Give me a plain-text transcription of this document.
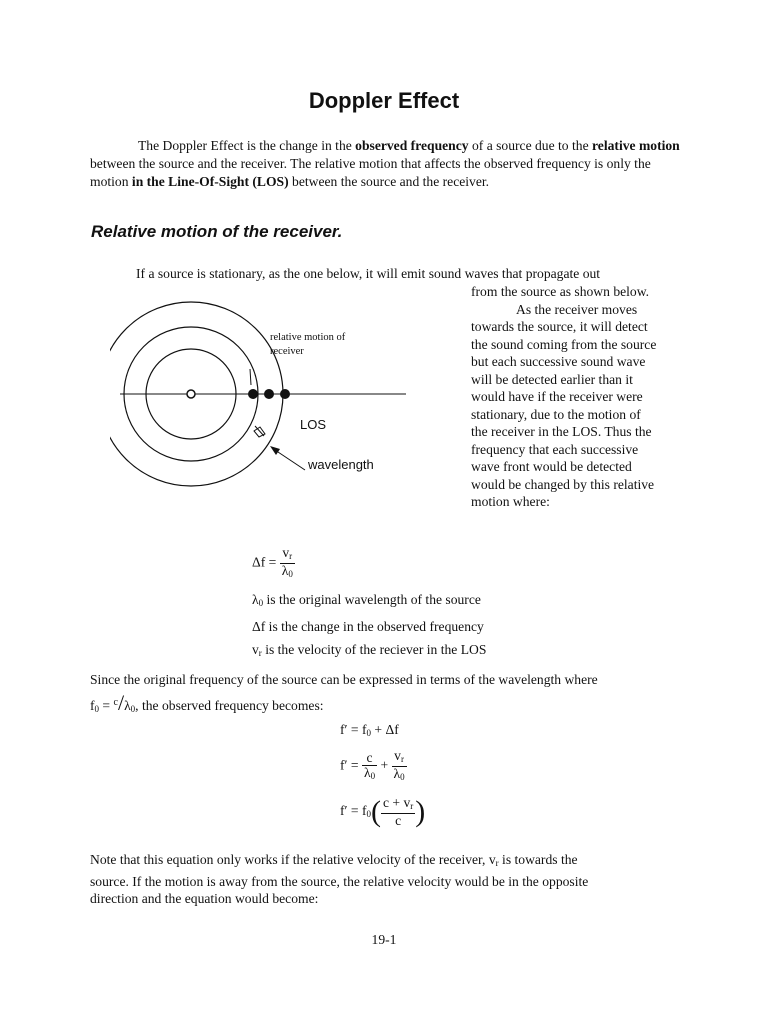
Doppler Effect

The Doppler Effect is the change in the observed frequency of a source due to the relative motion between the source and the receiver. The relative motion that affects the observed frequency is only the motion in the Line-Of-Sight (LOS) between the source and the receiver.

Relative motion of the receiver.
If a source is stationary, as the one below, it will emit sound waves that propagate out
from the source as shown below.
As the receiver moves
towards the source, it will detect
the sound coming from the source
but each successive sound wave
will be detected earlier than it
would have if the receiver were
stationary, due to the motion of
the receiver in the LOS. Thus the
frequency that each successive
wave front would be detected
would be changed by this relative
motion where:
relative motion of
receiver
LOS
wavelength
$\Delta f = \frac{v_r}{\lambda_0}$
$\lambda_0$ is the original wavelength of the source
Δf is the change in the observed frequency
$v_r$ is the velocity of the reciever in the LOS
Since the original frequency of the source can be expressed in terms of the wavelength where
$f_0 = ^c/\lambda_0$, the observed frequency becomes:
$f' = f_0 + \Delta f$
$f' = \frac{c}{\lambda_0} + \frac{v_r}{\lambda_0}$
$f' = f_0( \frac{c + v_r}{c}$ )
Note that this equation only works if the relative velocity of the receiver, $v_r$ is towards the
source. If the motion is away from the source, the relative velocity would be in the opposite
direction and the equation would become:
19-1
